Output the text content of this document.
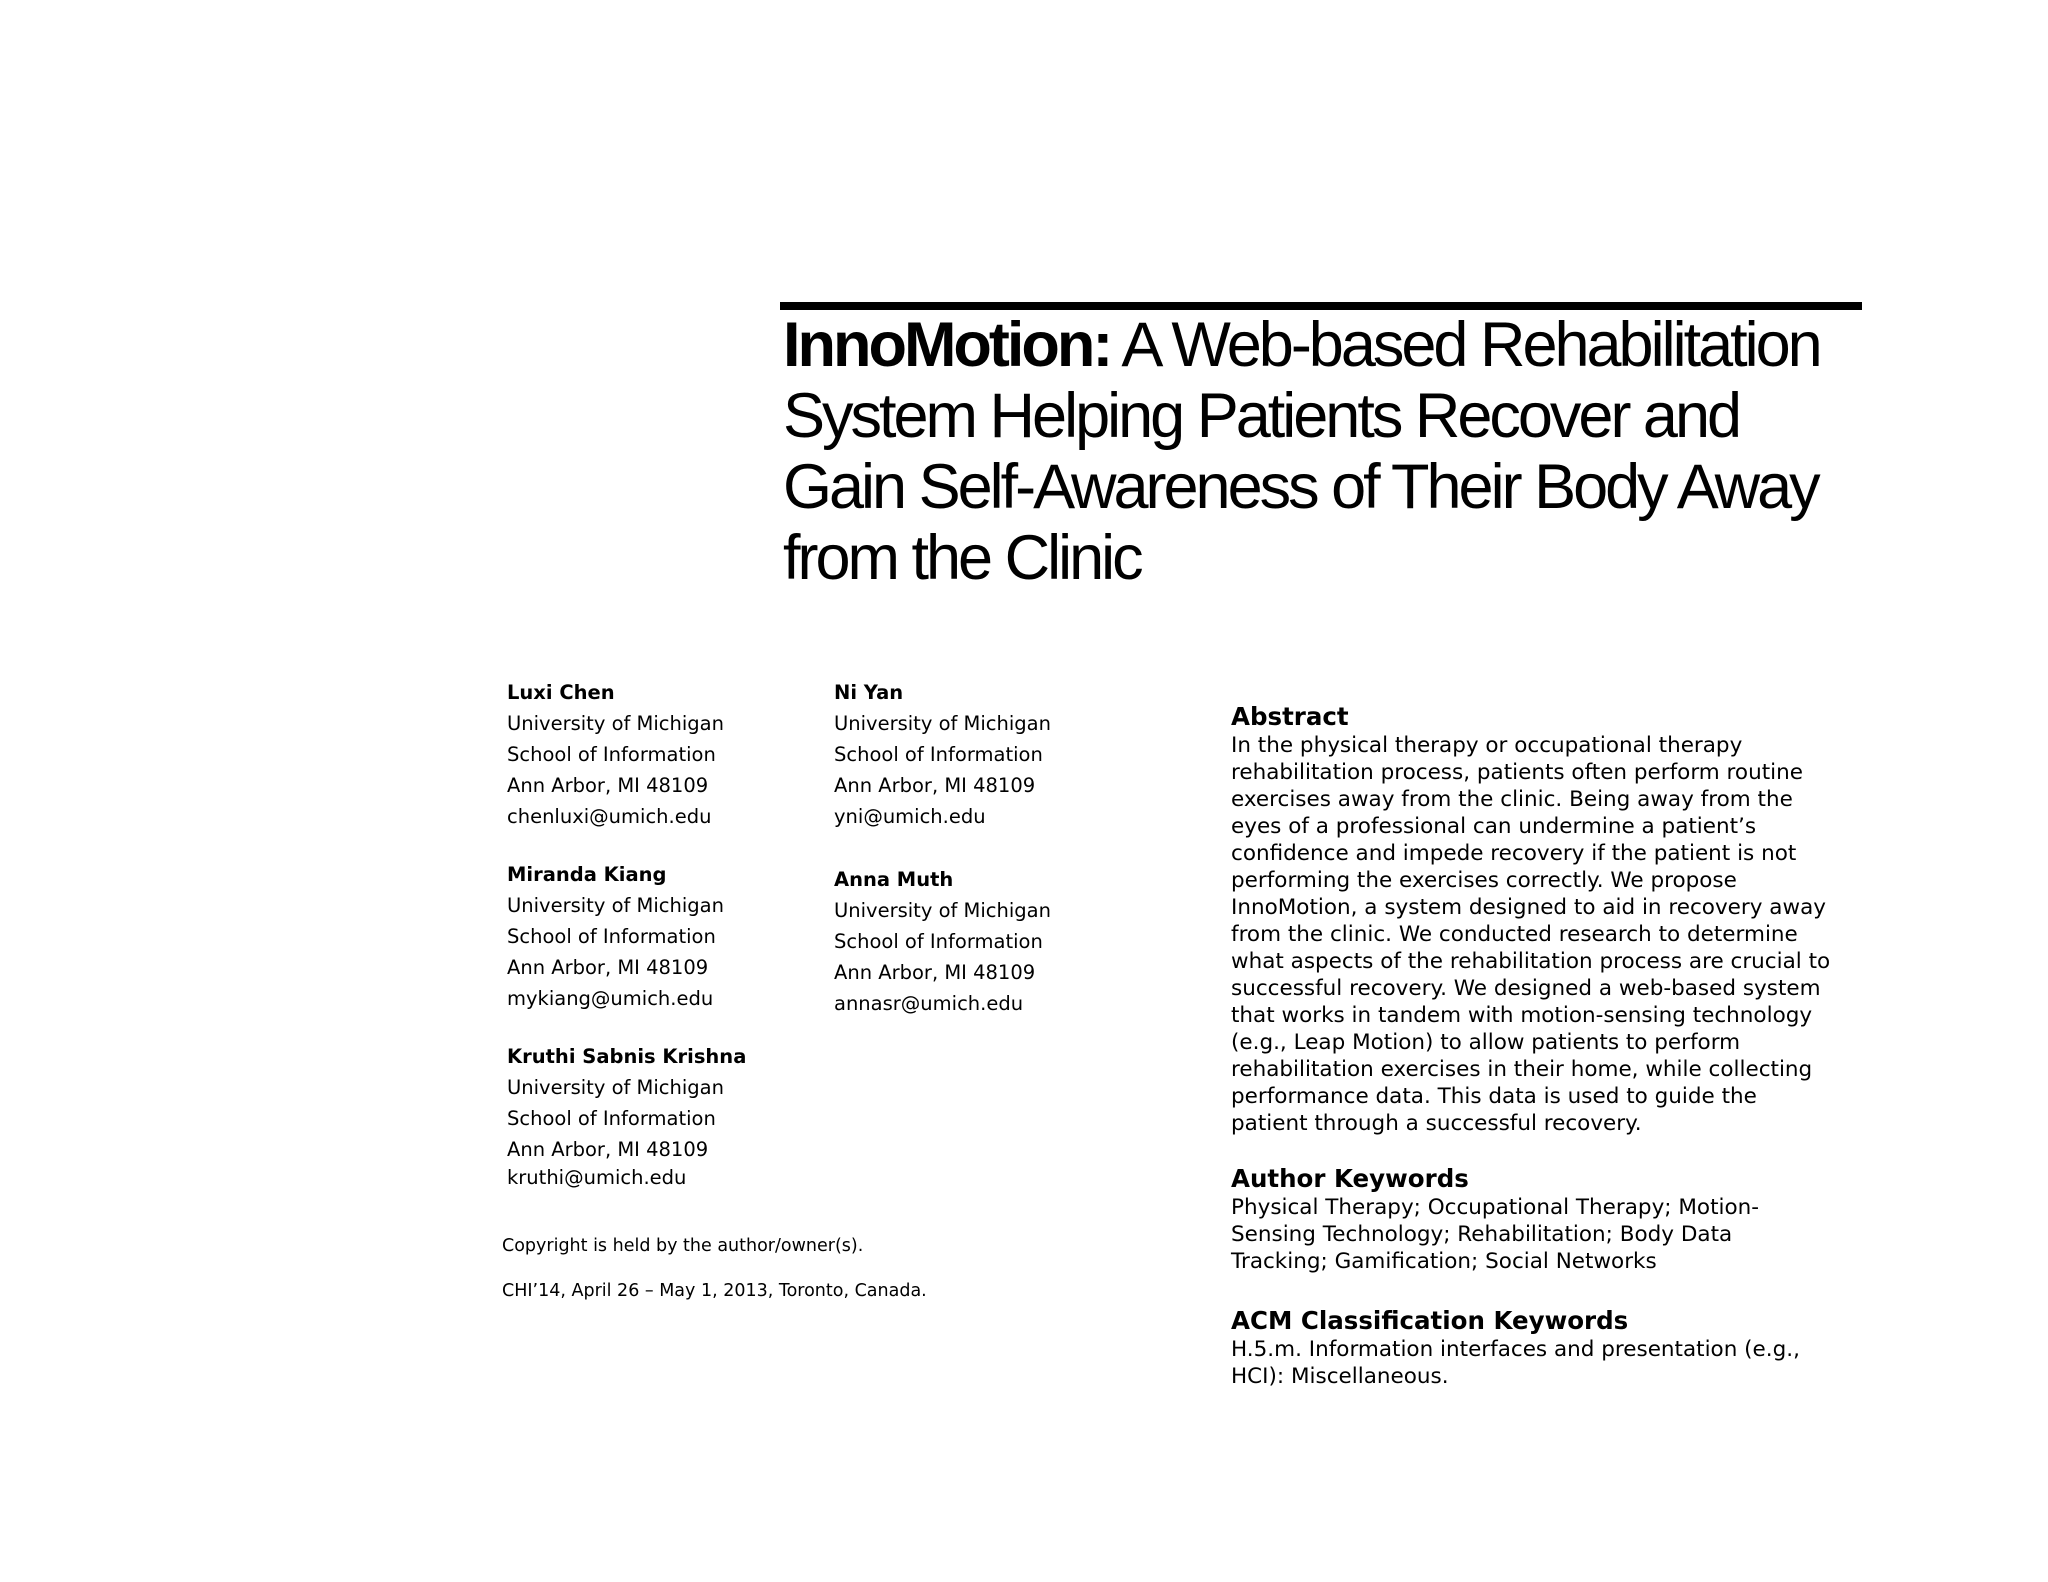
InnoMotion: A Web-based Rehabilitation System Helping Patients Recover and Gain Self-Awareness of Their Body Away from the Clinic
Luxi Chen
University of Michigan
School of Information
Ann Arbor, MI 48109
chenluxi@umich.edu
Miranda Kiang
University of Michigan
School of Information
Ann Arbor, MI 48109
mykiang@umich.edu
Kruthi Sabnis Krishna
University of Michigan
School of Information
Ann Arbor, MI 48109
kruthi@umich.edu
Ni Yan
University of Michigan
School of Information
Ann Arbor, MI 48109
yni@umich.edu
Anna Muth
University of Michigan
School of Information
Ann Arbor, MI 48109
annasr@umich.edu
Copyright is held by the author/owner(s).
CHI’14, April 26 – May 1, 2013, Toronto, Canada.
Abstract

In the physical therapy or occupational therapy
rehabilitation process, patients often perform routine
exercises away from the clinic. Being away from the
eyes of a professional can undermine a patient’s
confidence and impede recovery if the patient is not
performing the exercises correctly. We propose
InnoMotion, a system designed to aid in recovery away
from the clinic. We conducted research to determine
what aspects of the rehabilitation process are crucial to
successful recovery. We designed a web-based system
that works in tandem with motion-sensing technology
(e.g., Leap Motion) to allow patients to perform
rehabilitation exercises in their home, while collecting
performance data. This data is used to guide the
patient through a successful recovery.

Author Keywords

Physical Therapy; Occupational Therapy; Motion-
Sensing Technology; Rehabilitation; Body Data
Tracking; Gamification; Social Networks

ACM Classification Keywords

H.5.m. Information interfaces and presentation (e.g.,
HCI): Miscellaneous.
